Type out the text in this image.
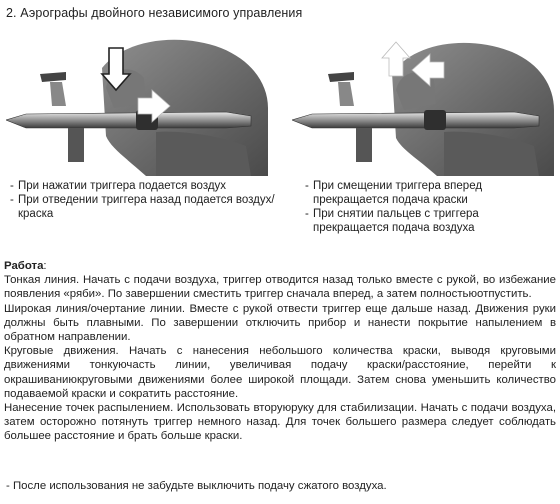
2. Аэрографы двойного независимого управления
- При нажатии триггера подается воздух
- При отведении триггера назад подается воздух/краска
- При смещении триггера вперед прекращается подача краски
- При снятии пальцев с триггера прекращается подача воздуха
Работа:

Тонкая линия. Начать с подачи воздуха, триггер отводится назад только вместе с рукой, во избежание появления «ряби». По завершении сместить триггер сначала вперед, а затем полностьюотпустить.

Широкая линия/очертание линии. Вместе с рукой отвести триггер еще дальше назад. Движения руки должны быть плавными. По завершении отключить прибор и нанести покрытие напылением в обратном направлении.

Круговые движения. Начать с нанесения небольшого количества краски, выводя круговыми движениями тонкуючасть линии, увеличивая подачу краски/расстояние, перейти к окрашиваниюкруговыми движениями более широкой площади. Затем снова уменьшить количество подаваемой краски и сократить расстояние.

Нанесение точек распылением. Использовать вторуюруку для стабилизации. Начать с подачи воздуха, затем осторожно потянуть триггер немного назад. Для точек большего размера следует соблюдать большее расстояние и брать больше краски.

- После использования не забудьте выключить подачу сжатого воздуха.
